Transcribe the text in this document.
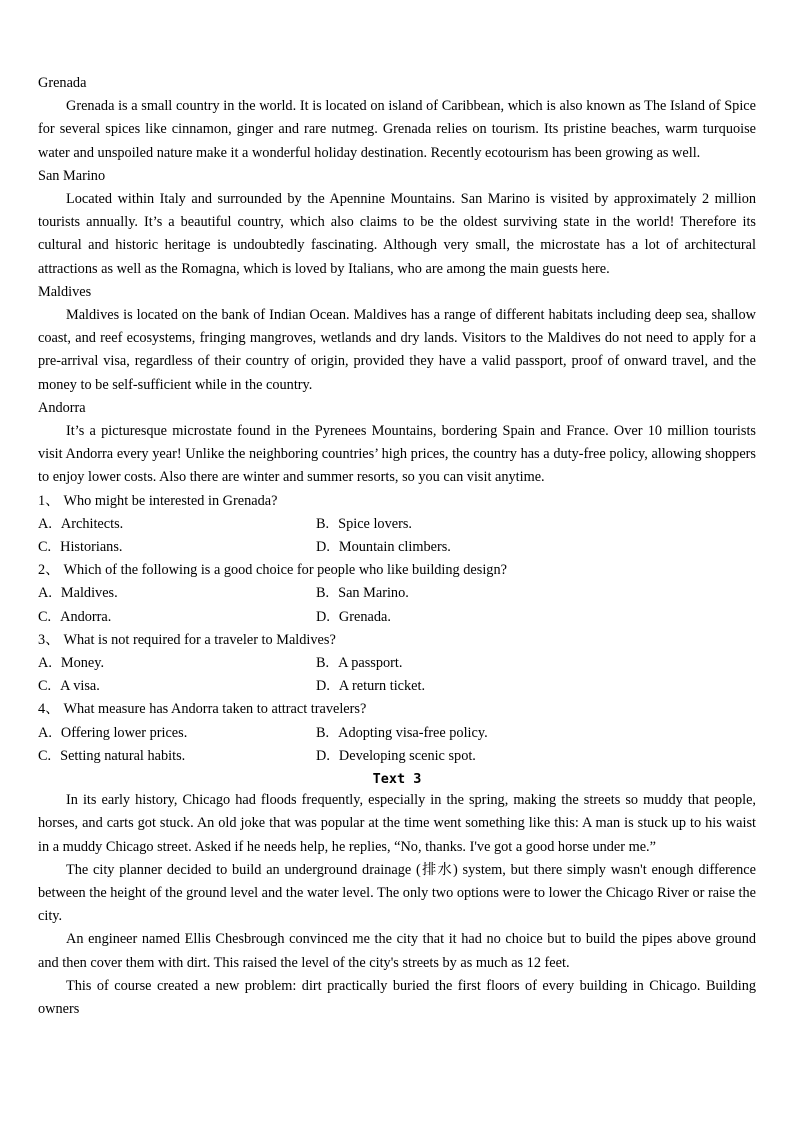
Grenada

Grenada is a small country in the world. It is located on island of Caribbean, which is also known as The Island of Spice for several spices like cinnamon, ginger and rare nutmeg. Grenada relies on tourism. Its pristine beaches, warm turquoise water and unspoiled nature make it a wonderful holiday destination. Recently ecotourism has been growing as well.

San Marino

Located within Italy and surrounded by the Apennine Mountains. San Marino is visited by approximately 2 million tourists annually. It’s a beautiful country, which also claims to be the oldest surviving state in the world! Therefore its cultural and historic heritage is undoubtedly fascinating. Although very small, the microstate has a lot of architectural attractions as well as the Romagna, which is loved by Italians, who are among the main guests here.

Maldives

Maldives is located on the bank of Indian Ocean. Maldives has a range of different habitats including deep sea, shallow coast, and reef ecosystems, fringing mangroves, wetlands and dry lands. Visitors to the Maldives do not need to apply for a pre-arrival visa, regardless of their country of origin, provided they have a valid passport, proof of onward travel, and the money to be self-sufficient while in the country.

Andorra

It’s a picturesque microstate found in the Pyrenees Mountains, bordering Spain and France. Over 10 million tourists visit Andorra every year! Unlike the neighboring countries’ high prices, the country has a duty-free policy, allowing shoppers to enjoy lower costs. Also there are winter and summer resorts, so you can visit anytime.

1、 Who might be interested in Grenada?

A. Architects.	B. Spice lovers.
C. Historians.	D. Mountain climbers.

2、 Which of the following is a good choice for people who like building design?

A. Maldives.	B. San Marino.
C. Andorra.	D. Grenada.

3、 What is not required for a traveler to Maldives?

A. Money.	B. A passport.
C. A visa.	D. A return ticket.

4、 What measure has Andorra taken to attract travelers?

A. Offering lower prices.	B. Adopting visa-free policy.
C. Setting natural habits.	D. Developing scenic spot.
Text 3

In its early history, Chicago had floods frequently, especially in the spring, making the streets so muddy that people, horses, and carts got stuck. An old joke that was popular at the time went something like this: A man is stuck up to his waist in a muddy Chicago street. Asked if he needs help, he replies, “No, thanks. I've got a good horse under me.”

The city planner decided to build an underground drainage (排水) system, but there simply wasn't enough difference between the height of the ground level and the water level. The only two options were to lower the Chicago River or raise the city.

An engineer named Ellis Chesbrough convinced me the city that it had no choice but to build the pipes above ground and then cover them with dirt. This raised the level of the city's streets by as much as 12 feet.

This of course created a new problem: dirt practically buried the first floors of every building in Chicago. Building owners
